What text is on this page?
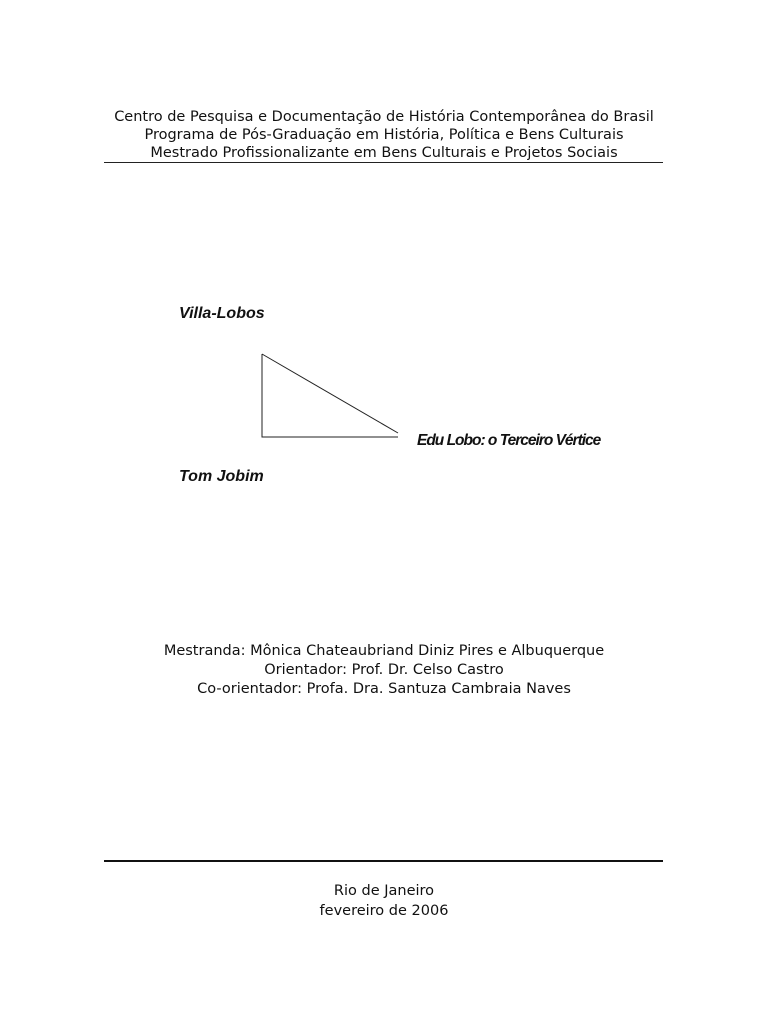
Centro de Pesquisa e Documentação de História Contemporânea do Brasil
Programa de Pós-Graduação em História, Política e Bens Culturais
Mestrado Profissionalizante em Bens Culturais e Projetos Sociais
Villa-Lobos
Edu Lobo: o Terceiro Vértice
Tom Jobim
Mestranda: Mônica Chateaubriand Diniz Pires e Albuquerque
Orientador: Prof. Dr. Celso Castro
Co-orientador: Profa. Dra. Santuza Cambraia Naves
Rio de Janeiro
fevereiro de 2006
